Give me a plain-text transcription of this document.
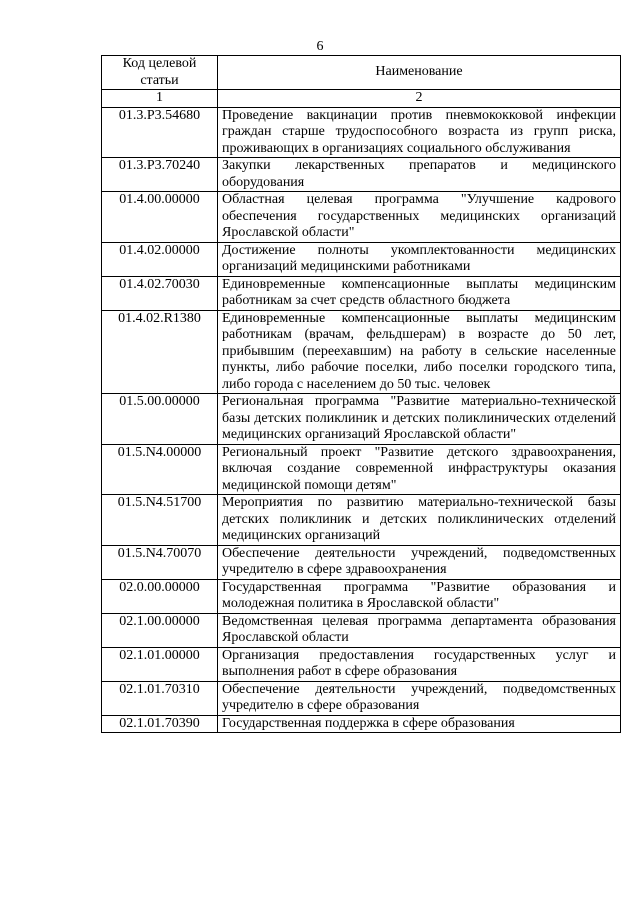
6
Код целевой статьи	Наименование
1	2
01.3.P3.54680	Проведение вакцинации против пневмококковой инфекции граждан старше трудоспособного возраста из групп риска, проживающих в организациях социального обслуживания
01.3.P3.70240	Закупки лекарственных препаратов и медицинского оборудования
01.4.00.00000	Областная целевая программа "Улучшение кадрового обеспечения государственных медицинских организаций Ярославской области"
01.4.02.00000	Достижение полноты укомплектованности медицинских организаций медицинскими работниками
01.4.02.70030	Единовременные компенсационные выплаты медицинским работникам за счет средств областного бюджета
01.4.02.R1380	Единовременные компенсационные выплаты медицинским работникам (врачам, фельдшерам) в возрасте до 50 лет, прибывшим (переехавшим) на работу в сельские населенные пункты, либо рабочие поселки, либо поселки городского типа, либо города с населением до 50 тыс. человек
01.5.00.00000	Региональная программа "Развитие материально-технической базы детских поликлиник и детских поликлинических отделений медицинских организаций Ярославской области"
01.5.N4.00000	Региональный проект "Развитие детского здравоохранения, включая создание современной инфраструктуры оказания медицинской помощи детям"
01.5.N4.51700	Мероприятия по развитию материально-технической базы детских поликлиник и детских поликлинических отделений медицинских организаций
01.5.N4.70070	Обеспечение деятельности учреждений, подведомственных учредителю в сфере здравоохранения
02.0.00.00000	Государственная программа "Развитие образования и молодежная политика в Ярославской области"
02.1.00.00000	Ведомственная целевая программа департамента образования Ярославской области
02.1.01.00000	Организация предоставления государственных услуг и выполнения работ в сфере образования
02.1.01.70310	Обеспечение деятельности учреждений, подведомственных учредителю в сфере образования
02.1.01.70390	Государственная поддержка в сфере образования
